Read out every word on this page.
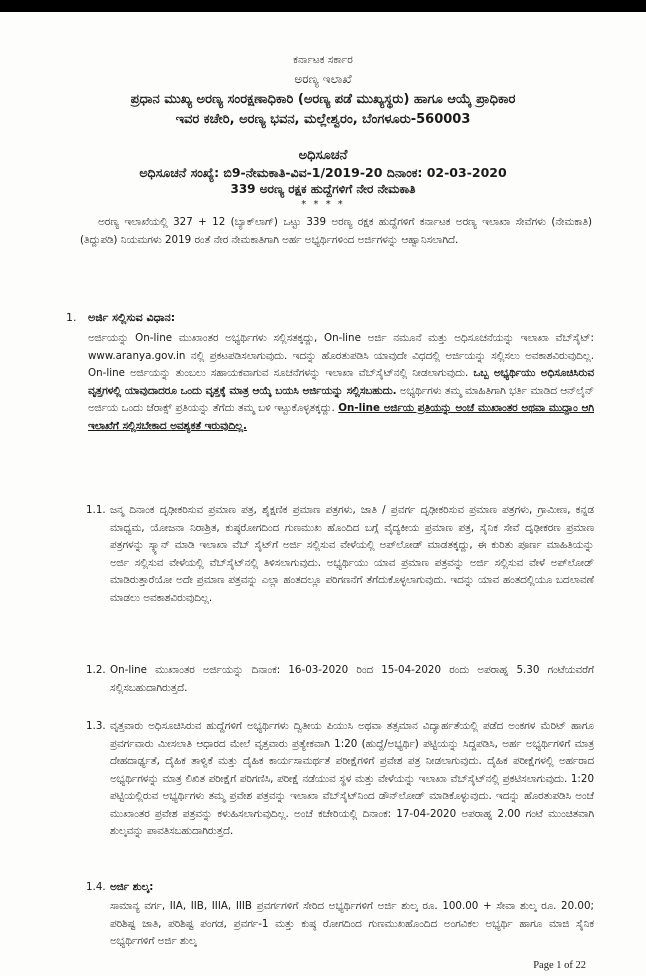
ಕರ್ನಾಟಕ ಸರ್ಕಾರ
ಅರಣ್ಯ ಇಲಾಖೆ
ಪ್ರಧಾನ ಮುಖ್ಯ ಅರಣ್ಯ ಸಂರಕ್ಷಣಾಧಿಕಾರಿ (ಅರಣ್ಯ ಪಡೆ ಮುಖ್ಯಸ್ಥರು) ಹಾಗೂ ಆಯ್ಕೆ ಪ್ರಾಧಿಕಾರ
ಇವರ ಕಚೇರಿ, ಅರಣ್ಯ ಭವನ, ಮಲ್ಲೇಶ್ವರಂ, ಬೆಂಗಳೂರು-560003
ಅಧಿಸೂಚನೆ
ಅಧಿಸೂಚನೆ ಸಂಖ್ಯೆ: ಬಿ9-ನೇಮಕಾತಿ-ವಿವ-1/2019-20 ದಿನಾಂಕ: 02-03-2020
339 ಅರಣ್ಯ ರಕ್ಷಕ ಹುದ್ದೆಗಳಿಗೆ ನೇರ ನೇಮಕಾತಿ
* * * *
ಅರಣ್ಯ ಇಲಾಖೆಯಲ್ಲಿ 327 + 12 (ಬ್ಯಾಕ್‌ಲಾಗ್) ಒಟ್ಟು 339 ಅರಣ್ಯ ರಕ್ಷಕ ಹುದ್ದೆಗಳಿಗೆ ಕರ್ನಾಟಕ ಅರಣ್ಯ ಇಲಾಖಾ ಸೇವೆಗಳು (ನೇಮಕಾತಿ) (ತಿದ್ದುಪಡಿ) ನಿಯಮಗಳು 2019 ರಂತೆ ನೇರ ನೇಮಕಾತಿಗಾಗಿ ಅರ್ಹ ಅಭ್ಯರ್ಥಿಗಳಿಂದ ಅರ್ಜಿಗಳನ್ನು ಆಹ್ವಾನಿಸಲಾಗಿದೆ.
1. ಅರ್ಜಿ ಸಲ್ಲಿಸುವ ವಿಧಾನ:
ಅರ್ಜಿಯನ್ನು On-line ಮುಖಾಂತರ ಅಭ್ಯರ್ಥಿಗಳು ಸಲ್ಲಿಸತಕ್ಕದ್ದು, On-line ಅರ್ಜಿ ನಮೂನೆ ಮತ್ತು ಅಧಿಸೂಚನೆಯನ್ನು ಇಲಾಖಾ ವೆಬ್‌ಸೈಟ್: www.aranya.gov.in ನಲ್ಲಿ ಪ್ರಕಟಪಡಿಸಲಾಗುವುದು. ಇದನ್ನು ಹೊರತುಪಡಿಸಿ ಯಾವುದೇ ವಿಧದಲ್ಲಿ ಅರ್ಜಿಯನ್ನು ಸಲ್ಲಿಸಲು ಅವಕಾಶವಿರುವುದಿಲ್ಲ. On-line ಅರ್ಜಿಯನ್ನು ತುಂಬಲು ಸಹಾಯಕವಾಗುವ ಸೂಚನೆಗಳನ್ನು ಇಲಾಖಾ ವೆಬ್‌ಸೈಟ್‌ನಲ್ಲಿ ನೀಡಲಾಗುವುದು. ಒಬ್ಬ ಅಭ್ಯರ್ಥಿಯು ಅಧಿಸೂಚಿಸಿರುವ ವೃತ್ತಗಳಲ್ಲಿ ಯಾವುದಾದರೂ ಒಂದು ವೃತ್ತಕ್ಕೆ ಮಾತ್ರ ಆಯ್ಕೆ ಬಯಸಿ ಅರ್ಜಿಯನ್ನು ಸಲ್ಲಿಸಬಹುದು. ಅಭ್ಯರ್ಥಿಗಳು ತಮ್ಮ ಮಾಹಿತಿಗಾಗಿ ಭರ್ತಿ ಮಾಡಿದ ಆನ್‌ಲೈನ್ ಅರ್ಜಿಯ ಒಂದು ಜೆರಾಕ್ಸ್ ಪ್ರತಿಯನ್ನು ತೆಗೆದು ತಮ್ಮ ಬಳಿ ಇಟ್ಟುಕೊಳ್ಳತಕ್ಕದ್ದು. On-line ಅರ್ಜಿಯ ಪ್ರತಿಯನ್ನು ಅಂಚೆ ಮುಖಾಂತರ ಅಥವಾ ಮುದ್ದಾಂ ಆಗಿ ಇಲಾಖೆಗೆ ಸಲ್ಲಿಸಬೇಕಾದ ಅವಶ್ಯಕತೆ ಇರುವುದಿಲ್ಲ.
1.1. ಜನ್ಮ ದಿನಾಂಕ ದೃಢೀಕರಿಸುವ ಪ್ರಮಾಣ ಪತ್ರ, ಶೈಕ್ಷಣಿಕ ಪ್ರಮಾಣ ಪತ್ರಗಳು, ಜಾತಿ / ಪ್ರವರ್ಗ ದೃಢೀಕರಿಸುವ ಪ್ರಮಾಣ ಪತ್ರಗಳು, ಗ್ರಾಮೀಣ, ಕನ್ನಡ ಮಾಧ್ಯಮ, ಯೋಜನಾ ನಿರಾಶ್ರಿತ, ಕುಷ್ಠರೋಗದಿಂದ ಗುಣಮುಖ ಹೊಂದಿದ ಬಗ್ಗೆ ವೈದ್ಯಕೀಯ ಪ್ರಮಾಣ ಪತ್ರ, ಸೈನಿಕ ಸೇವೆ ದೃಢೀಕರಣ ಪ್ರಮಾಣ ಪತ್ರಗಳನ್ನು ಸ್ಕ್ಯಾನ್ ಮಾಡಿ ಇಲಾಖಾ ವೆಬ್ ಸೈಟ್‌ಗೆ ಅರ್ಜಿ ಸಲ್ಲಿಸುವ ವೇಳೆಯಲ್ಲಿ ಅಪ್‌ಲೋಡ್ ಮಾಡತಕ್ಕದ್ದು, ಈ ಕುರಿತು ಪೂರ್ಣ ಮಾಹಿತಿಯನ್ನು ಅರ್ಜಿ ಸಲ್ಲಿಸುವ ವೇಳೆಯಲ್ಲಿ ವೆಬ್‌ಸೈಟ್‌ನಲ್ಲಿ ತಿಳಿಸಲಾಗುವುದು. ಅಭ್ಯರ್ಥಿಯು ಯಾವ ಪ್ರಮಾಣ ಪತ್ರವನ್ನು ಅರ್ಜಿ ಸಲ್ಲಿಸುವ ವೇಳೆ ಅಪ್‌ಲೋಡ್ ಮಾಡಿರುತ್ತಾರೆಯೋ ಅದೇ ಪ್ರಮಾಣ ಪತ್ರವನ್ನು ಎಲ್ಲಾ ಹಂತದಲ್ಲೂ ಪರಿಗಣನೆಗೆ ತೆಗೆದುಕೊಳ್ಳಲಾಗುವುದು. ಇದನ್ನು ಯಾವ ಹಂತದಲ್ಲಿಯೂ ಬದಲಾವಣೆ ಮಾಡಲು ಅವಕಾಶವಿರುವುದಿಲ್ಲ.
1.2. On-line ಮುಖಾಂತರ ಅರ್ಜಿಯನ್ನು ದಿನಾಂಕ: 16-03-2020 ರಿಂದ 15-04-2020 ರಂದು ಅಪರಾಹ್ನ 5.30 ಗಂಟೆಯವರೆಗೆ ಸಲ್ಲಿಸಬಹುದಾಗಿರುತ್ತದೆ.
1.3. ವೃತ್ತವಾರು ಅಧಿಸೂಚಿಸಿರುವ ಹುದ್ದೆಗಳಿಗೆ ಅಭ್ಯರ್ಥಿಗಳು ದ್ವಿತೀಯ ಪಿಯುಸಿ ಅಥವಾ ತತ್ಸಮಾನ ವಿದ್ಯಾರ್ಹತೆಯಲ್ಲಿ ಪಡೆದ ಅಂಕಗಳ ಮೆರಿಟ್ ಹಾಗೂ ಪ್ರವರ್ಗವಾರು ಮೀಸಲಾತಿ ಆಧಾರದ ಮೇಲೆ ವೃತ್ತವಾರು ಪ್ರತ್ಯೇಕವಾಗಿ 1:20 (ಹುದ್ದೆ/ಅಭ್ಯರ್ಥಿ) ಪಟ್ಟಿಯನ್ನು ಸಿದ್ದಪಡಿಸಿ, ಅರ್ಹ ಅಭ್ಯರ್ಥಿಗಳಿಗೆ ಮಾತ್ರ ದೇಹದಾರ್ಢ್ಯತೆ, ದೈಹಿಕ ತಾಳ್ವಿಕೆ ಮತ್ತು ದೈಹಿಕ ಕಾರ್ಯಸಾಮರ್ಥತೆ ಪರೀಕ್ಷೆಗಳಿಗೆ ಪ್ರವೇಶ ಪತ್ರ ನೀಡಲಾಗುವುದು. ದೈಹಿಕ ಪರೀಕ್ಷೆಗಳಲ್ಲಿ ಅರ್ಹರಾದ ಅಭ್ಯರ್ಥಿಗಳನ್ನು ಮಾತ್ರ ಲಿಖಿತ ಪರೀಕ್ಷೆಗೆ ಪರಿಗಣಿಸಿ, ಪರೀಕ್ಷೆ ನಡೆಯುವ ಸ್ಥಳ ಮತ್ತು ವೇಳೆಯನ್ನು ಇಲಾಖಾ ವೆಬ್‌ಸೈಟ್‌ನಲ್ಲಿ ಪ್ರಕಟಿಸಲಾಗುವುದು. 1:20 ಪಟ್ಟಿಯಲ್ಲಿರುವ ಅಭ್ಯರ್ಥಿಗಳು ತಮ್ಮ ಪ್ರವೇಶ ಪತ್ರವನ್ನು ಇಲಾಖಾ ವೆಬ್‌ಸೈಟ್‌ನಿಂದ ಡೌನ್‌ಲೋಡ್ ಮಾಡಿಕೊಳ್ಳುವುದು. ಇದನ್ನು ಹೊರತುಪಡಿಸಿ ಅಂಚೆ ಮುಖಾಂತರ ಪ್ರವೇಶ ಪತ್ರವನ್ನು ಕಳುಹಿಸಲಾಗುವುದಿಲ್ಲ. ಅಂಚೆ ಕಚೇರಿಯಲ್ಲಿ ದಿನಾಂಕ: 17-04-2020 ಅಪರಾಹ್ನ 2.00 ಗಂಟೆ ಮುಂಚಿತವಾಗಿ ಶುಲ್ಕವನ್ನು ಪಾವತಿಸಬಹುದಾಗಿರುತ್ತದೆ.
1.4. ಅರ್ಜಿ ಶುಲ್ಕ:
ಸಾಮಾನ್ಯ ವರ್ಗ, IIA, IIB, IIIA, IIIB ಪ್ರವರ್ಗಗಳಿಗೆ ಸೇರಿದ ಅಭ್ಯರ್ಥಿಗಳಿಗೆ ಅರ್ಜಿ ಶುಲ್ಕ ರೂ. 100.00 + ಸೇವಾ ಶುಲ್ಕ ರೂ. 20.00; ಪರಿಶಿಷ್ಟ ಜಾತಿ, ಪರಿಶಿಷ್ಟ ಪಂಗಡ, ಪ್ರವರ್ಗ-1 ಮತ್ತು ಕುಷ್ಠ ರೋಗದಿಂದ ಗುಣಮುಖಹೊಂದಿದ ಅಂಗವಿಕಲ ಅಭ್ಯರ್ಥಿ ಹಾಗೂ ಮಾಜಿ ಸೈನಿಕ ಅಭ್ಯರ್ಥಿಗಳಿಗೆ ಅರ್ಜಿ ಶುಲ್ಕ
Page 1 of 22
